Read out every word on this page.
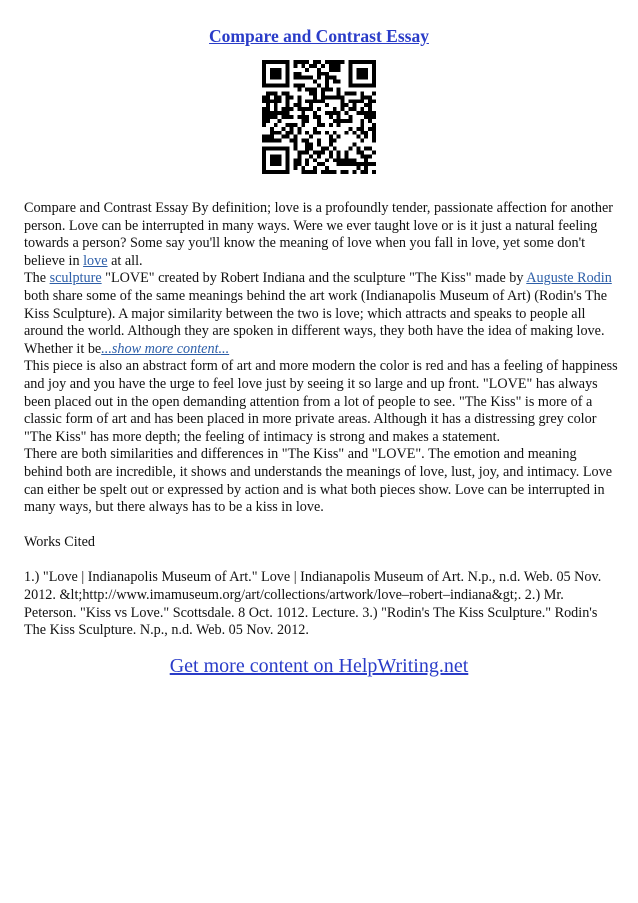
Compare and Contrast Essay

Compare and Contrast Essay By definition; love is a profoundly tender, passionate affection for another person. Love can be interrupted in many ways. Were we ever taught love or is it just a natural feeling towards a person? Some say you'll know the meaning of love when you fall in love, yet some don't believe in love at all.

The sculpture "LOVE" created by Robert Indiana and the sculpture "The Kiss" made by Auguste Rodin both share some of the same meanings behind the art work (Indianapolis Museum of Art) (Rodin's The Kiss Sculpture). A major similarity between the two is love; which attracts and speaks to people all around the world. Although they are spoken in different ways, they both have the idea of making love. Whether it be...show more content...

This piece is also an abstract form of art and more modern the color is red and has a feeling of happiness and joy and you have the urge to feel love just by seeing it so large and up front. "LOVE" has always been placed out in the open demanding attention from a lot of people to see. "The Kiss" is more of a classic form of art and has been placed in more private areas. Although it has a distressing grey color "The Kiss" has more depth; the feeling of intimacy is strong and makes a statement.

There are both similarities and differences in "The Kiss" and "LOVE". The emotion and meaning behind both are incredible, it shows and understands the meanings of love, lust, joy, and intimacy. Love can either be spelt out or expressed by action and is what both pieces show. Love can be interrupted in many ways, but there always has to be a kiss in love.

Works Cited

1.) "Love | Indianapolis Museum of Art." Love | Indianapolis Museum of Art. N.p., n.d. Web. 05 Nov. 2012. &lt;http://www.imamuseum.org/art/collections/artwork/love–robert–indiana&gt;. 2.) Mr. Peterson. "Kiss vs Love." Scottsdale. 8 Oct. 1012. Lecture. 3.) "Rodin's The Kiss Sculpture." Rodin's The Kiss Sculpture. N.p., n.d. Web. 05 Nov. 2012.

Get more content on HelpWriting.net
